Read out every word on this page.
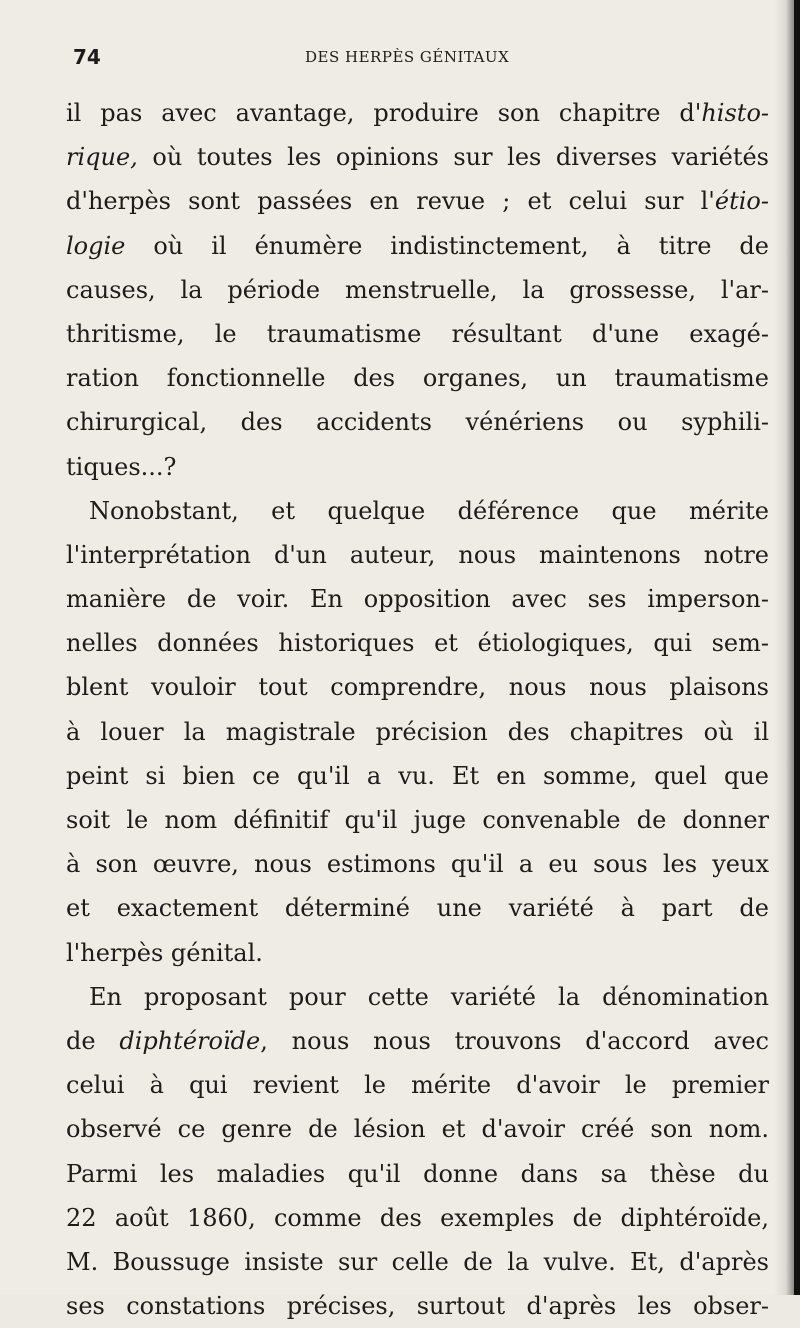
74	DES HERPÈS GÉNITAUX
il pas avec avantage, produire son chapitre d'histo-
rique, où toutes les opinions sur les diverses variétés
d'herpès sont passées en revue ; et celui sur l'étio-
logie où il énumère indistinctement, à titre de
causes, la période menstruelle, la grossesse, l'ar-
thritisme, le traumatisme résultant d'une exagé-
ration fonctionnelle des organes, un traumatisme
chirurgical, des accidents vénériens ou syphili-
tiques...?
Nonobstant, et quelque déférence que mérite
l'interprétation d'un auteur, nous maintenons notre
manière de voir. En opposition avec ses imperson-
nelles données historiques et étiologiques, qui sem-
blent vouloir tout comprendre, nous nous plaisons
à louer la magistrale précision des chapitres où il
peint si bien ce qu'il a vu. Et en somme, quel que
soit le nom définitif qu'il juge convenable de donner
à son œuvre, nous estimons qu'il a eu sous les yeux
et exactement déterminé une variété à part de
l'herpès génital.
En proposant pour cette variété la dénomination
de diphtéroïde, nous nous trouvons d'accord avec
celui à qui revient le mérite d'avoir le premier
observé ce genre de lésion et d'avoir créé son nom.
Parmi les maladies qu'il donne dans sa thèse du
22 août 1860, comme des exemples de diphtéroïde,
M. Boussuge insiste sur celle de la vulve. Et, d'après
ses constations précises, surtout d'après les obser-
